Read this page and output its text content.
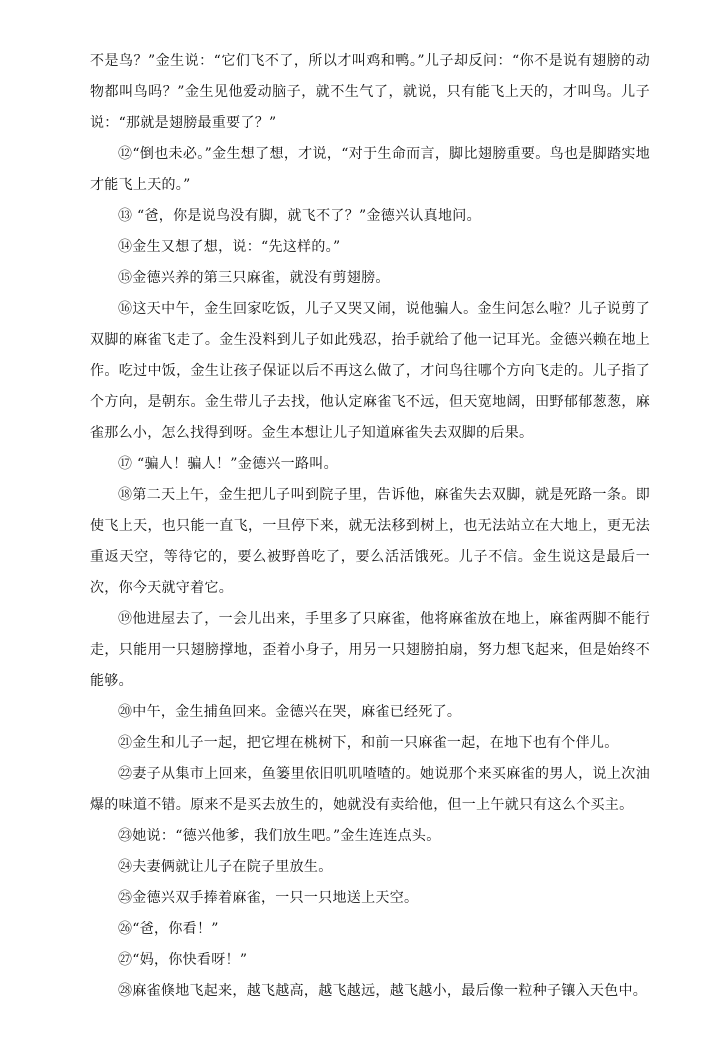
不是鸟？”金生说：“它们飞不了，所以才叫鸡和鸭。”儿子却反问：“你不是说有翅膀的动物都叫鸟吗？”金生见他爱动脑子，就不生气了，就说，只有能飞上天的，才叫鸟。儿子说：“那就是翅膀最重要了？”

⑫“倒也未必。”金生想了想，才说，“对于生命而言，脚比翅膀重要。鸟也是脚踏实地才能飞上天的。”

⑬ “爸，你是说鸟没有脚，就飞不了？”金德兴认真地问。

⑭金生又想了想，说：“先这样的。”

⑮金德兴养的第三只麻雀，就没有剪翅膀。

⑯这天中午，金生回家吃饭，儿子又哭又闹，说他骗人。金生问怎么啦？儿子说剪了双脚的麻雀飞走了。金生没料到儿子如此残忍，抬手就给了他一记耳光。金德兴赖在地上作。吃过中饭，金生让孩子保证以后不再这么做了，才问鸟往哪个方向飞走的。儿子指了个方向，是朝东。金生带儿子去找，他认定麻雀飞不远，但天宽地阔，田野郁郁葱葱，麻雀那么小，怎么找得到呀。金生本想让儿子知道麻雀失去双脚的后果。

⑰ “骗人！骗人！”金德兴一路叫。

⑱第二天上午，金生把儿子叫到院子里，告诉他，麻雀失去双脚，就是死路一条。即使飞上天，也只能一直飞，一旦停下来，就无法移到树上，也无法站立在大地上，更无法重返天空，等待它的，要么被野兽吃了，要么活活饿死。儿子不信。金生说这是最后一次，你今天就守着它。

⑲他进屋去了，一会儿出来，手里多了只麻雀，他将麻雀放在地上，麻雀两脚不能行走，只能用一只翅膀撑地，歪着小身子，用另一只翅膀拍扇，努力想飞起来，但是始终不能够。

⑳中午，金生捕鱼回来。金德兴在哭，麻雀已经死了。

㉑金生和儿子一起，把它埋在桃树下，和前一只麻雀一起，在地下也有个伴儿。

㉒妻子从集市上回来，鱼篓里依旧叽叽喳喳的。她说那个来买麻雀的男人，说上次油爆的味道不错。原来不是买去放生的，她就没有卖给他，但一上午就只有这么个买主。

㉓她说：“德兴他爹，我们放生吧。”金生连连点头。

㉔夫妻俩就让儿子在院子里放生。

㉕金德兴双手捧着麻雀，一只一只地送上天空。

㉖“爸，你看！”

㉗“妈，你快看呀！”

㉘麻雀倏地飞起来，越飞越高，越飞越远，越飞越小，最后像一粒种子镶入天色中。
